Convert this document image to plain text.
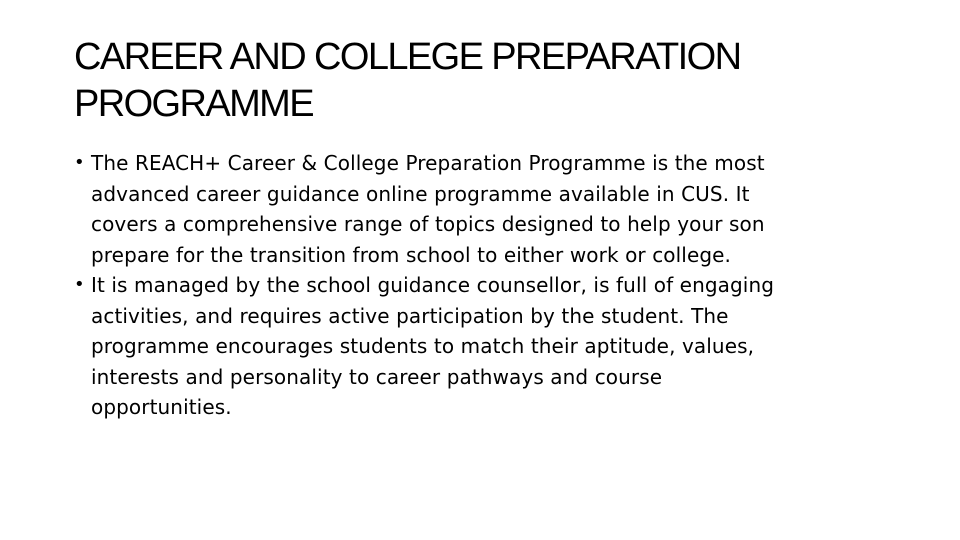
CAREER AND COLLEGE PREPARATION
PROGRAMME
• The REACH+ Career & College Preparation Programme is the most
advanced career guidance online programme available in CUS. It
covers a comprehensive range of topics designed to help your son
prepare for the transition from school to either work or college.
• It is managed by the school guidance counsellor, is full of engaging
activities, and requires active participation by the student. The
programme encourages students to match their aptitude, values,
interests and personality to career pathways and course
opportunities.
